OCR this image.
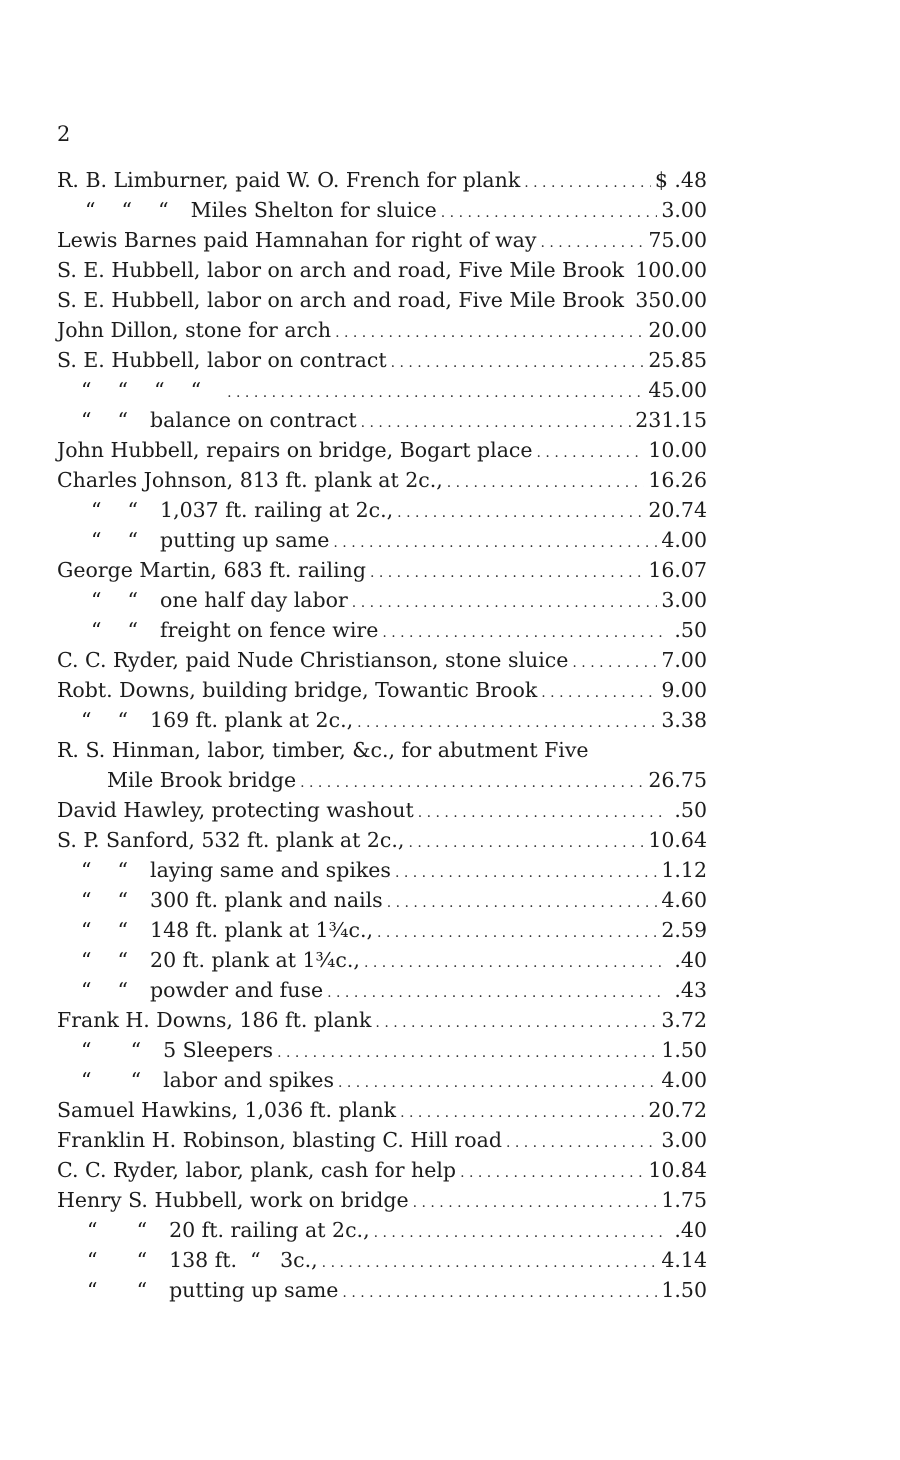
2
R. B. Limburner, paid W. O. French for plank . . .	$ .48
“    “    “ Miles Shelton for sluice . . .	3.00
Lewis Barnes paid Hamnahan for right of way . . .	75.00
S. E. Hubbell, labor on arch and road, Five Mile Brook 100.00
S. E. Hubbell, labor on arch and road, Five Mile Brook 350.00
John Dillon, stone for arch . . .	20.00
S. E. Hubbell, labor on contract . . .	25.85
“    “    “    “ . . .	45.00
“    “ balance on contract . . .	231.15
John Hubbell, repairs on bridge, Bogart place . . .	10.00
Charles Johnson, 813 ft. plank at 2c., . . .	16.26
“    “ 1,037 ft. railing at 2c., . . .	20.74
“    “ putting up same . . .	4.00
George Martin, 683 ft. railing . . .	16.07
“    “ one half day labor . . .	3.00
“    “ freight on fence wire . . .	.50
C. C. Ryder, paid Nude Christianson, stone sluice . . .	7.00
Robt. Downs, building bridge, Towantic Brook . . .	9.00
“    “ 169 ft. plank at 2c., . . .	3.38
R. S. Hinman, labor, timber, &c., for abutment Five
Mile Brook bridge . . .	26.75
David Hawley, protecting washout . . .	.50
S. P. Sanford, 532 ft. plank at 2c., . . .	10.64
“    “ laying same and spikes . . .	1.12
“    “ 300 ft. plank and nails . . .	4.60
“    “ 148 ft. plank at 1¾c., . . .	2.59
“    “ 20 ft. plank at 1¾c., . . .	.40
“    “ powder and fuse . . .	.43
Frank H. Downs, 186 ft. plank . . .	3.72
“      “ 5 Sleepers . . .	1.50
“      “ labor and spikes . . .	4.00
Samuel Hawkins, 1,036 ft. plank . . .	20.72
Franklin H. Robinson, blasting C. Hill road . . .	3.00
C. C. Ryder, labor, plank, cash for help . . .	10.84
Henry S. Hubbell, work on bridge . . .	1.75
“      “ 20 ft. railing at 2c., . . .	.40
“      “ 138 ft.  “   3c., . . .	4.14
“      “ putting up same . . .	1.50
